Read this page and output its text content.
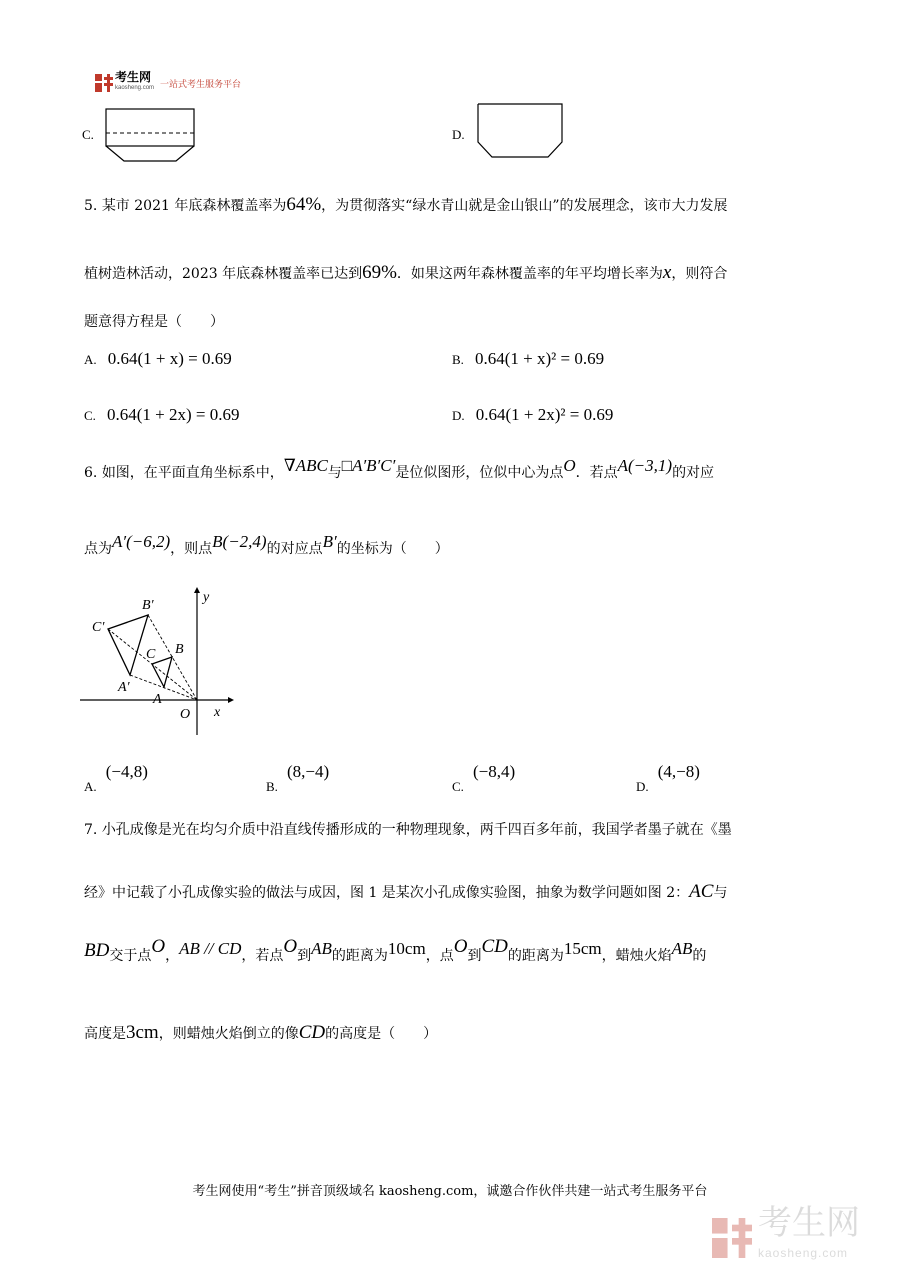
考生网
kaosheng.com 一站式考生服务平台
C.	D.
5. 某市 2021 年底森林覆盖率为64%，为贯彻落实“绿水青山就是金山银山”的发展理念，该市大力发展
植树造林活动，2023 年底森林覆盖率已达到69%．如果这两年森林覆盖率的年平均增长率为x，则符合
题意得方程是（　　）
A. 0.64(1 + x) = 0.69	B. 0.64(1 + x)² = 0.69
C. 0.64(1 + 2x) = 0.69	D. 0.64(1 + 2x)² = 0.69
6. 如图，在平面直角坐标系中，∇ABC与□A′B′C′是位似图形，位似中心为点O．若点A(−3,1)的对应
点为A′(−6,2)，则点B(−2,4)的对应点B′的坐标为（　　）
B′
C′
A′
B
C
A
O x
y
$_{A.}$ (−4,8)
$_{B.}$ (8,−4)
$_{C.}$ (−8,4)
$_{D.}$ (4,−8)
7. 小孔成像是光在均匀介质中沿直线传播形成的一种物理现象，两千四百多年前，我国学者墨子就在《墨
经》中记载了小孔成像实验的做法与成因，图 1 是某次小孔成像实验图，抽象为数学问题如图 2：AC与
BD交于点O，AB // CD，若点O到AB的距离为10cm，点O到CD的距离为15cm，蜡烛火焰AB的
高度是3cm，则蜡烛火焰倒立的像CD的高度是（　　）
考生网使用“考生”拼音顶级域名 kaosheng.com，诚邀合作伙伴共建一站式考生服务平台
考生网
kaosheng.com
